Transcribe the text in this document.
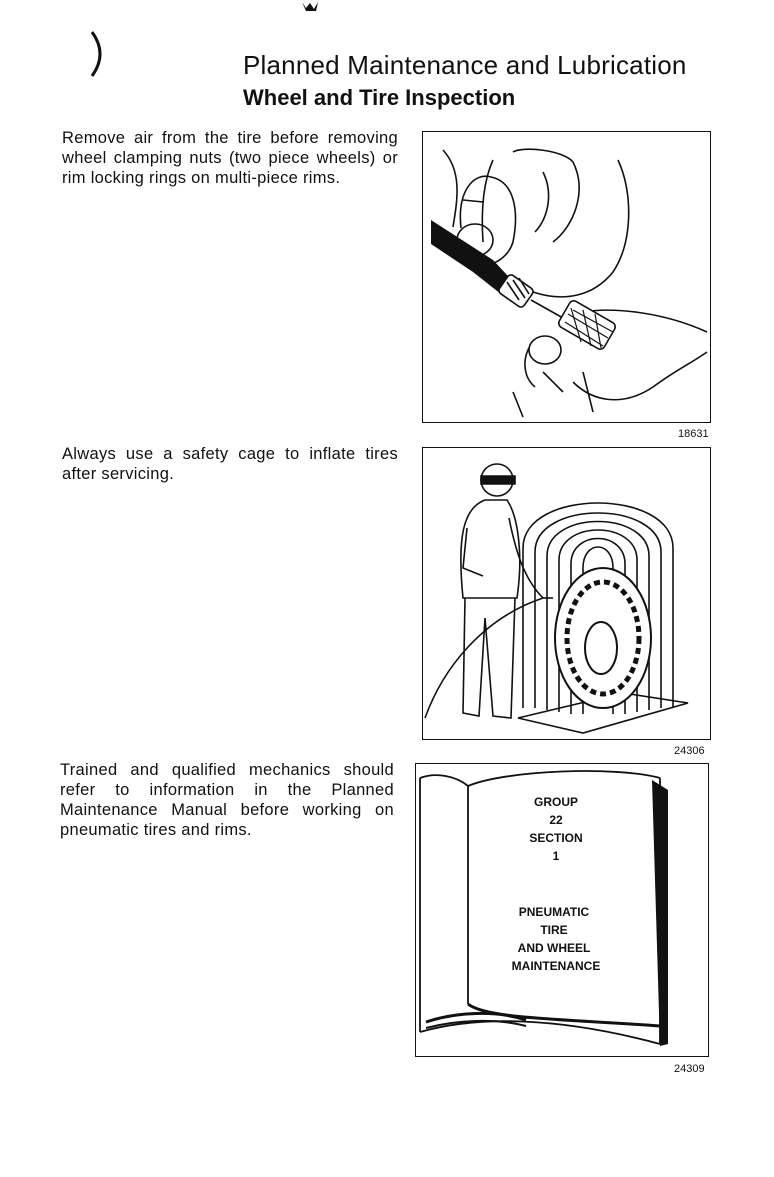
Planned Maintenance and Lubrication
Wheel and Tire Inspection
Remove air from the tire before removing wheel clamping nuts (two piece wheels) or rim locking rings on multi-piece rims.
18631
Always use a safety cage to inflate tires after servicing.
24306
Trained and qualified mechanics should refer to information in the Planned Maintenance Manual before working on pneumatic tires and rims.
GROUP
22
SECTION
1
PNEUMATIC
TIRE
AND WHEEL
MAINTENANCE
24309
